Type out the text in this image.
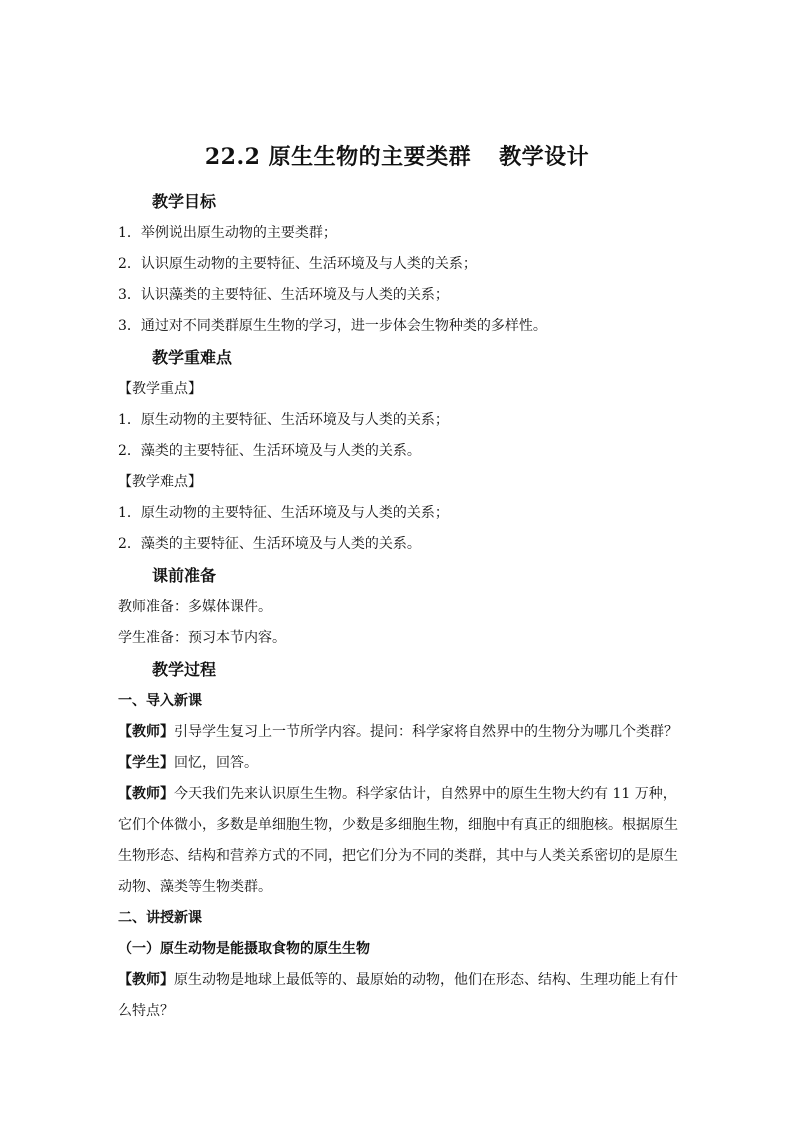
22.2 原生生物的主要类群 教学设计
教学目标
1．举例说出原生动物的主要类群；
2．认识原生动物的主要特征、生活环境及与人类的关系；
3．认识藻类的主要特征、生活环境及与人类的关系；
3．通过对不同类群原生生物的学习，进一步体会生物种类的多样性。
教学重难点
【教学重点】
1．原生动物的主要特征、生活环境及与人类的关系；
2．藻类的主要特征、生活环境及与人类的关系。
【教学难点】
1．原生动物的主要特征、生活环境及与人类的关系；
2．藻类的主要特征、生活环境及与人类的关系。
课前准备
教师准备：多媒体课件。
学生准备：预习本节内容。
教学过程
一、导入新课
【教师】引导学生复习上一节所学内容。提问：科学家将自然界中的生物分为哪几个类群？
【学生】回忆，回答。
【教师】今天我们先来认识原生生物。科学家估计，自然界中的原生生物大约有 11 万种，
它们个体微小，多数是单细胞生物，少数是多细胞生物，细胞中有真正的细胞核。根据原生
生物形态、结构和营养方式的不同，把它们分为不同的类群，其中与人类关系密切的是原生
动物、藻类等生物类群。
二、讲授新课
（一）原生动物是能摄取食物的原生生物
【教师】原生动物是地球上最低等的、最原始的动物，他们在形态、结构、生理功能上有什
么特点？
